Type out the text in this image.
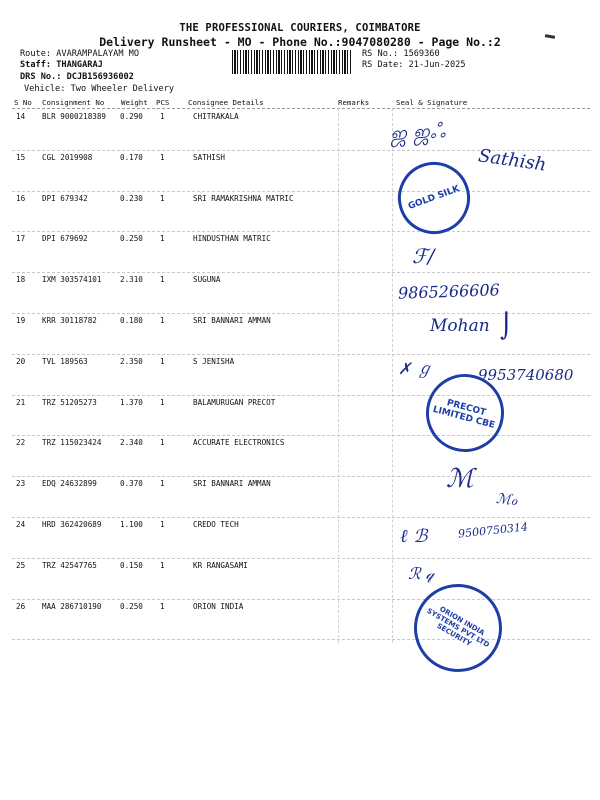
THE PROFESSIONAL COURIERS, COIMBATORE
Delivery Runsheet - MO - Phone No.:9047080280 - Page No.:2
Route: AVARAMPALAYAM MO
Staff: THANGARAJ
DRS No.: DCJB156936002
Vehicle: Two Wheeler Delivery
RS No.: 1569360
RS Date: 21-Jun-2025
S No Consignment No Weight PCS	Consignee Details	Remarks	Seal & Signature
14 BLR 9000218389 0.290 1	CHITRAKALA
15 CGL 2019908	0.170 1	SATHISH
16 DPI 679342	0.230 1	SRI RAMAKRISHNA MATRIC
17 DPI 679692	0.250 1	HINDUSTHAN MATRIC
18 IXM 303574101 2.310 1	SUGUNA
19 KRR 30118782	0.180 1	SRI BANNARI AMMAN
20 TVL 189563	2.350 1	S JENISHA
21 TRZ 51205273	1.370 1	BALAMURUGAN PRECOT
22 TRZ 115023424 2.340 1	ACCURATE ELECTRONICS
23 EDQ 24632899	0.370 1	SRI BANNARI AMMAN
24 HRD 362420689 1.100 1	CREDO TECH
25 TRZ 42547765	0.150 1	KR RANGASAMI
26 MAA 286710190 0.250 1	ORION INDIA
ஜ ஜஃ
Sathish
GOLD SILK
ℱ/
9865266606
Mohan ⌡
✗ ℊ	9953740680
PRECOT LIMITED CBE
ℳ
ℳℴ
ℓ ℬ	9500750314
ℛ 𝓆
ORION INDIA SYSTEMS PVT LTD SECURITY
